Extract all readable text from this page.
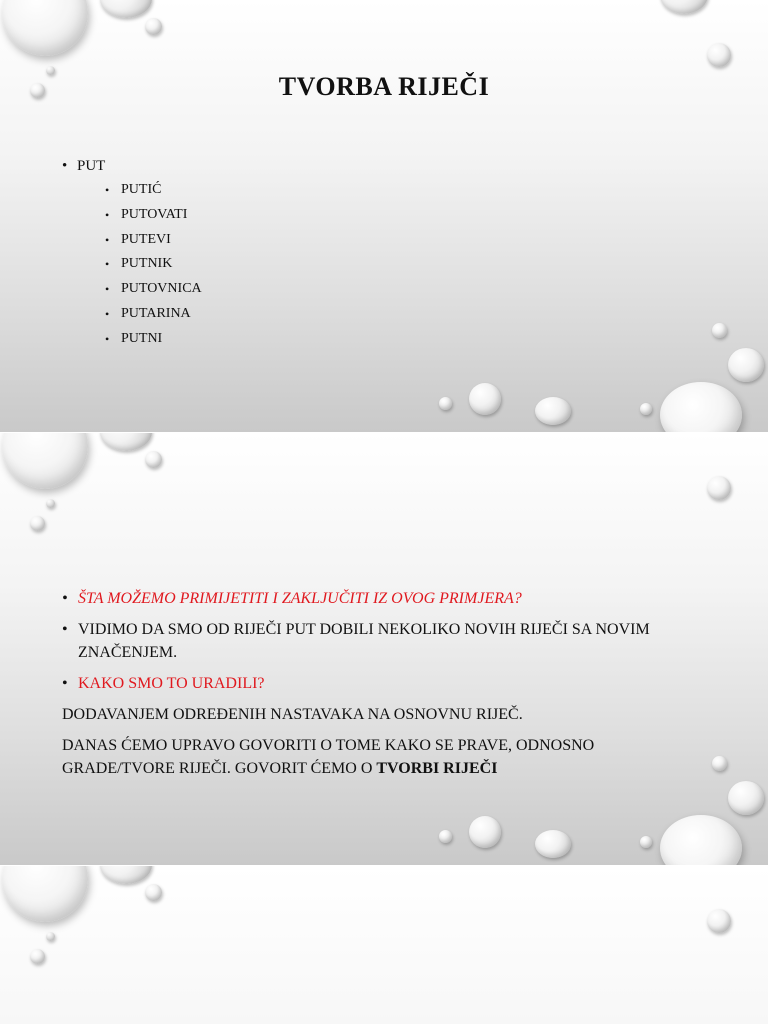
TVORBA RIJEČI
• PUT
• PUTIĆ
• PUTOVATI
• PUTEVI
• PUTNIK
• PUTOVNICA
• PUTARINA
• PUTNI
• ŠTA MOŽEMO PRIMIJETITI I ZAKLJUČITI IZ OVOG PRIMJERA?
• VIDIMO DA SMO OD RIJEČI PUT DOBILI NEKOLIKO NOVIH RIJEČI SA NOVIM ZNAČENJEM.
• KAKO SMO TO URADILI?
DODAVANJEM ODREĐENIH NASTAVAKA NA OSNOVNU RIJEČ.
DANAS ĆEMO UPRAVO GOVORITI O TOME KAKO SE PRAVE, ODNOSNO GRADE/TVORE RIJEČI. GOVORIT ĆEMO O TVORBI RIJEČI
